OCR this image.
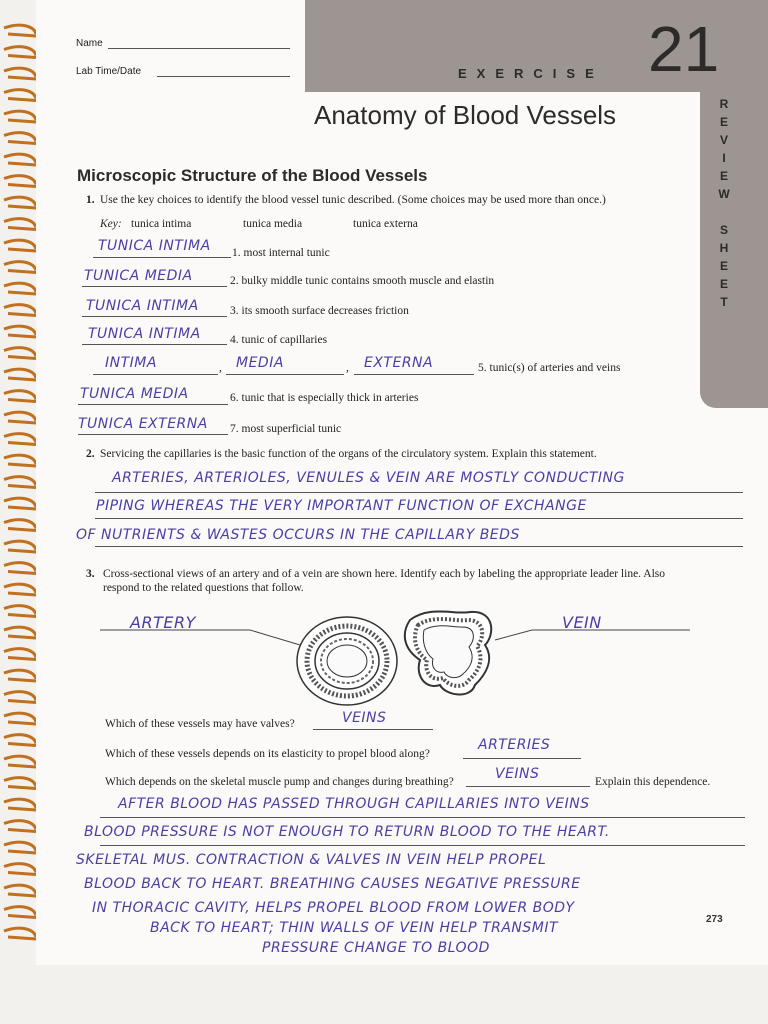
Name
Lab Time/Date	EXERCISE 21
R
E
V
I
E
W

S
H
E
E
T
Anatomy of Blood Vessels
Microscopic Structure of the Blood Vessels
1. Use the key choices to identify the blood vessel tunic described. (Some choices may be used more than once.)
Key: tunica intima	tunica media	tunica externa
TUNICA INTIMA 1. most internal tunic
TUNICA MEDIA	2. bulky middle tunic contains smooth muscle and elastin
TUNICA INTIMA	3. its smooth surface decreases friction
TUNICA INTIMA	4. tunic of capillaries
INTIMA	, MEDIA	, EXTERNA	5. tunic(s) of arteries and veins
TUNICA MEDIA	6. tunic that is especially thick in arteries
TUNICA EXTERNA 7. most superficial tunic
2. Servicing the capillaries is the basic function of the organs of the circulatory system. Explain this statement.
ARTERIES, ARTERIOLES, VENULES & VEIN ARE MOSTLY CONDUCTING
PIPING WHEREAS THE VERY IMPORTANT FUNCTION OF EXCHANGE
OF NUTRIENTS & WASTES OCCURS IN THE CAPILLARY BEDS
3. Cross-sectional views of an artery and of a vein are shown here. Identify each by labeling the appropriate leader line. Also
respond to the related questions that follow.
ARTERY	VEIN
Which of these vessels may have valves?	VEINS
Which of these vessels depends on its elasticity to propel blood along?
ARTERIES
Which depends on the skeletal muscle pump and changes during breathing?	VEINS	Explain this dependence.
AFTER BLOOD HAS PASSED THROUGH CAPILLARIES INTO VEINS
BLOOD PRESSURE IS NOT ENOUGH TO RETURN BLOOD TO THE HEART.
SKELETAL MUS. CONTRACTION & VALVES IN VEIN HELP PROPEL
BLOOD BACK TO HEART. BREATHING CAUSES NEGATIVE PRESSURE
IN THORACIC CAVITY, HELPS PROPEL BLOOD FROM LOWER BODY
BACK TO HEART; THIN WALLS OF VEIN HELP TRANSMIT
PRESSURE CHANGE TO BLOOD
273
